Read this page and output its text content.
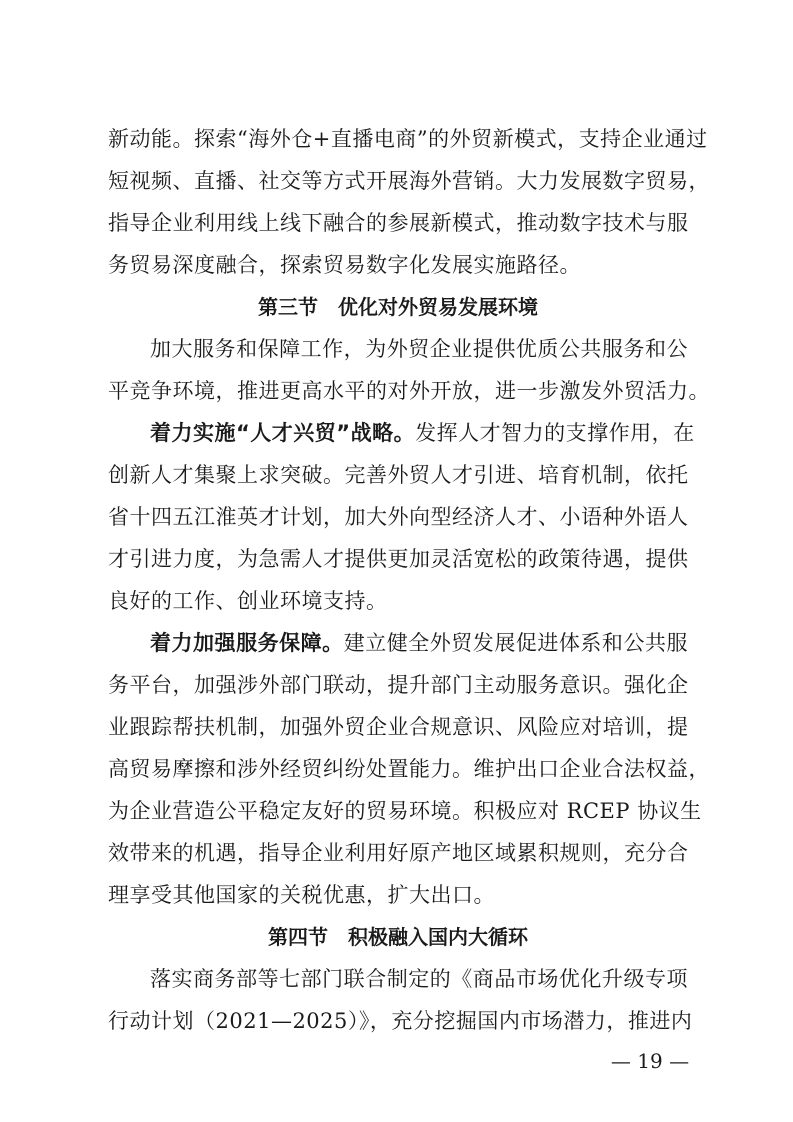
新动能。探索“海外仓+直播电商”的外贸新模式，支持企业通过
短视频、直播、社交等方式开展海外营销。大力发展数字贸易，
指导企业利用线上线下融合的参展新模式，推动数字技术与服
务贸易深度融合，探索贸易数字化发展实施路径。
第三节　优化对外贸易发展环境
加大服务和保障工作，为外贸企业提供优质公共服务和公
平竞争环境，推进更高水平的对外开放，进一步激发外贸活力。
着力实施“人才兴贸”战略。发挥人才智力的支撑作用，在
创新人才集聚上求突破。完善外贸人才引进、培育机制，依托
省十四五江淮英才计划，加大外向型经济人才、小语种外语人
才引进力度，为急需人才提供更加灵活宽松的政策待遇，提供
良好的工作、创业环境支持。
着力加强服务保障。建立健全外贸发展促进体系和公共服
务平台，加强涉外部门联动，提升部门主动服务意识。强化企
业跟踪帮扶机制，加强外贸企业合规意识、风险应对培训，提
高贸易摩擦和涉外经贸纠纷处置能力。维护出口企业合法权益，
为企业营造公平稳定友好的贸易环境。积极应对 RCEP 协议生
效带来的机遇，指导企业利用好原产地区域累积规则，充分合
理享受其他国家的关税优惠，扩大出口。
第四节　积极融入国内大循环
落实商务部等七部门联合制定的《商品市场优化升级专项
行动计划（2021—2025）》，充分挖掘国内市场潜力，推进内
— 19 —
